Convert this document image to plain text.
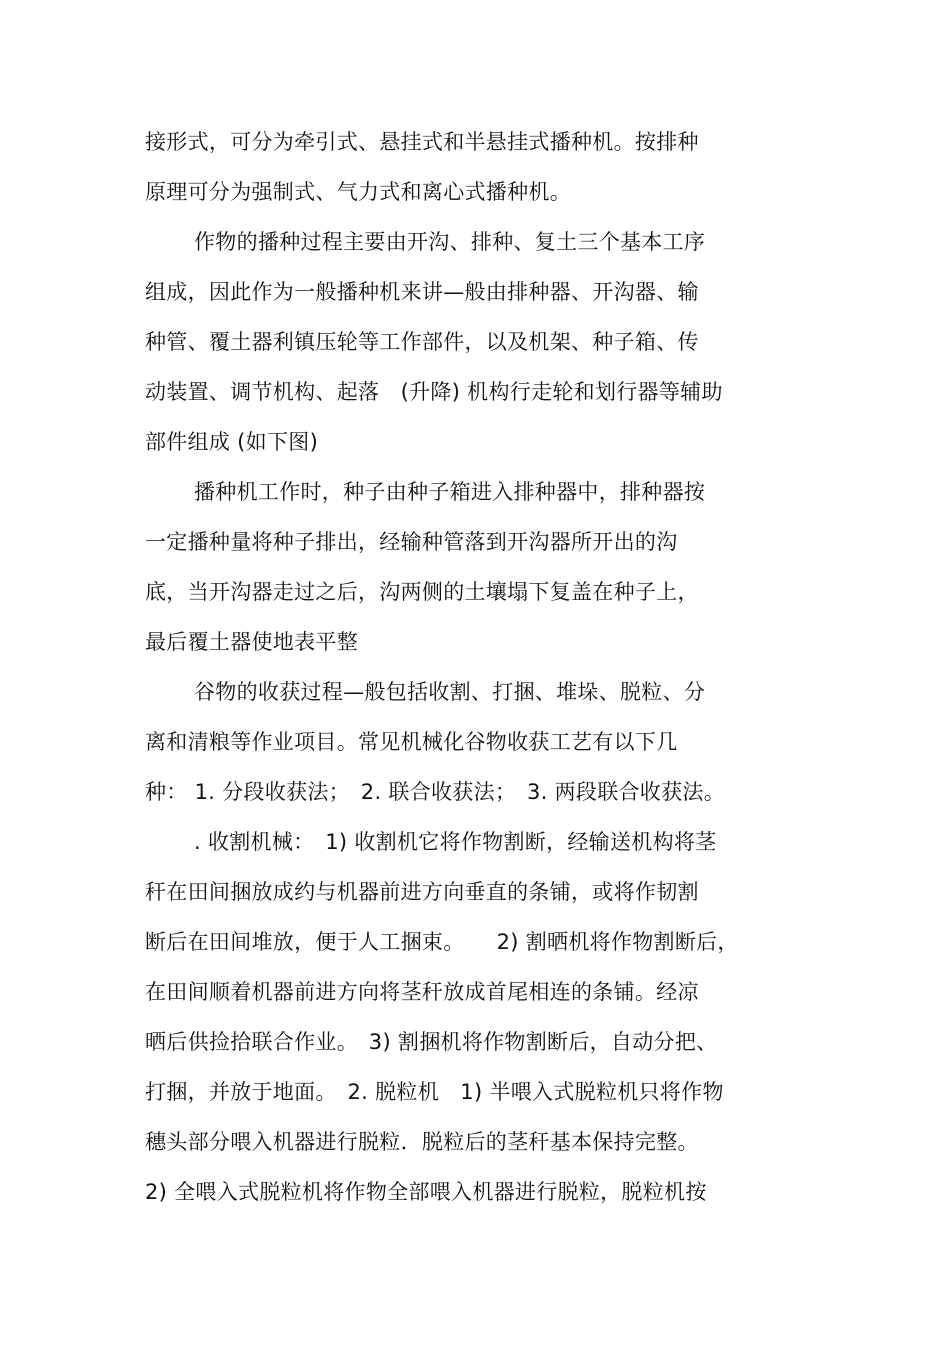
接形式，可分为牵引式、悬挂式和半悬挂式播种机。按排种
原理可分为强制式、气力式和离心式播种机。
作物的播种过程主要由开沟、排种、复土三个基本工序
组成，因此作为一般播种机来讲—般由排种器、开沟器、输
种管、覆土器利镇压轮等工作部件，以及机架、种子箱、传
动装置、调节机构、起落　(升降) 机构行走轮和划行器等辅助
部件组成 (如下图)
播种机工作时，种子由种子箱进入排种器中，排种器按
一定播种量将种子排出，经输种管落到开沟器所开出的沟
底，当开沟器走过之后，沟两侧的土壤塌下复盖在种子上，
最后覆土器使地表平整
谷物的收获过程—般包括收割、打捆、堆垛、脱粒、分
离和清粮等作业项目。常见机械化谷物收获工艺有以下几
种： 1. 分段收获法；　2. 联合收获法；　3. 两段联合收获法。
. 收割机械：　1) 收割机它将作物割断，经输送机构将茎
秆在田间捆放成约与机器前进方向垂直的条铺，或将作韧割
断后在田间堆放，便于人工捆束。　　2) 割晒机将作物割断后，
在田间顺着机器前进方向将茎秆放成首尾相连的条铺。经凉
晒后供捡拾联合作业。　3) 割捆机将作物割断后，自动分把、
打捆，并放于地面。　2. 脱粒机　1) 半喂入式脱粒机只将作物
穗头部分喂入机器进行脱粒．脱粒后的茎秆基本保持完整。
2) 全喂入式脱粒机将作物全部喂入机器进行脱粒，脱粒机按
